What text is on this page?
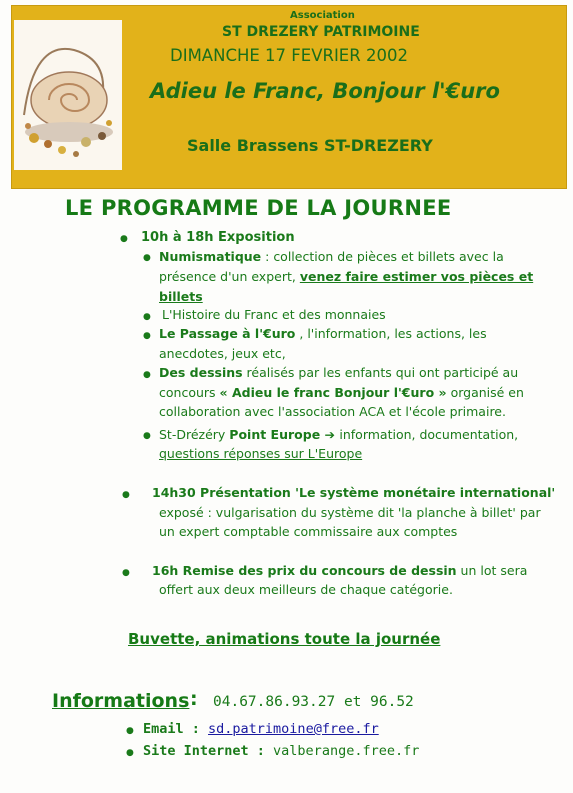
Association
ST DREZERY PATRIMOINE
DIMANCHE 17 FEVRIER 2002
Adieu le Franc, Bonjour l'€uro
Salle Brassens ST-DREZERY
LE PROGRAMME DE LA JOURNEE
● 10h à 18h Exposition
● Numismatique : collection de pièces et billets avec la
présence d'un expert, venez faire estimer vos pièces et
billets
● L'Histoire du Franc et des monnaies
● Le Passage à l'€uro , l'information, les actions, les
anecdotes, jeux etc,
● Des dessins réalisés par les enfants qui ont participé au
concours « Adieu le franc Bonjour l'€uro » organisé en
collaboration avec l'association ACA et l'école primaire.
● St-Drézéry Point Europe ➔ information, documentation,
questions réponses sur L'Europe
● 14h30 Présentation 'Le système monétaire international'
exposé : vulgarisation du système dit 'la planche à billet' par
un expert comptable commissaire aux comptes
● 16h Remise des prix du concours de dessin un lot sera
offert aux deux meilleurs de chaque catégorie.
Buvette, animations toute la journée
Informations : 04.67.86.93.27 et 96.52
● Email : sd.patrimoine@free.fr
● Site Internet : valberange.free.fr
